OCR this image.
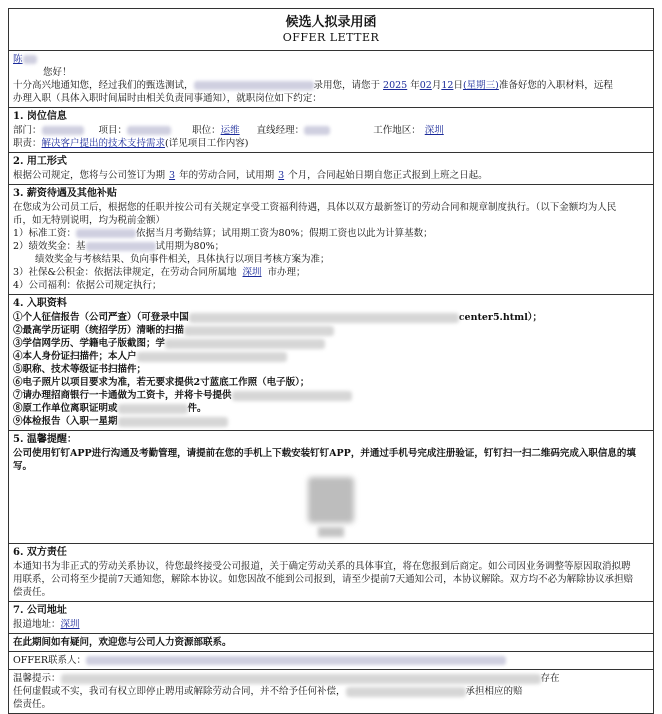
候选人拟录用函
OFFER LETTER

陈

您好！

十分高兴地通知您，经过我们的甄选测试，	录用您，请您于 2025 年02月12日(星期三)准备好您的入职材料，远程

办理入职（具体入职时间届时由相关负责同事通知），就职岗位如下约定：

1. 岗位信息

部门：	项目：	职位：运维 直线经理：	工作地区： 深圳

职责：解决客户提出的技术支持需求(详见项目工作内容)

2. 用工形式

根据公司规定，您将与公司签订为期 3 年的劳动合同，试用期 3 个月，合同起始日期自您正式报到上班之日起。

3. 薪资待遇及其他补贴

在您成为公司员工后，根据您的任职并按公司有关规定享受工资福利待遇，具体以双方最新签订的劳动合同和规章制度执行。（以下金额均为人民

币，如无特别说明，均为税前金额）

1）标准工资：	依据当月考勤结算；试用期工资为80%；假期工资也以此为计算基数；

2）绩效奖金：基	试用期为80%；

绩效奖金与考核结果、负向事件相关，具体执行以项目考核方案为准；

3）社保&公积金：依据法律规定，在劳动合同所属地 深圳 市办理；

4）公司福利：依据公司规定执行；

4. 入职资料

①个人征信报告（公司严查）（可登录中国	center5.html）；

②最高学历证明（统招学历）清晰的扫描

③学信网学历、学籍电子版截图；学

④本人身份证扫描件；本人户

⑤职称、技术等级证书扫描件；

⑥电子照片以项目要求为准，若无要求提供2寸蓝底工作照（电子版）；

⑦请办理招商银行一卡通做为工资卡，并将卡号提供

⑧原工作单位离职证明或	件。

⑨体检报告（入职一星期

5. 温馨提醒：

公司使用钉钉APP进行沟通及考勤管理，请提前在您的手机上下载安装钉钉APP，并通过手机号完成注册验证，钉钉扫一扫二维码完成入职信息的填写。

6. 双方责任

本通知书为非正式的劳动关系协议，待您最终接受公司报道，关于确定劳动关系的具体事宜，将在您报到后商定。如公司因业务调整等原因取消拟聘

用联系，公司将至少提前7天通知您，解除本协议。如您因故不能到公司报到，请至少提前7天通知公司，本协议解除。双方均不必为解除协议承担赔

偿责任。

7. 公司地址

报道地址：深圳

在此期间如有疑问，欢迎您与公司人力资源部联系。

OFFER联系人：

温馨提示：	存在

任何虚假或不实，我司有权立即停止聘用或解除劳动合同，并不给予任何补偿，	承担相应的赔

偿责任。
